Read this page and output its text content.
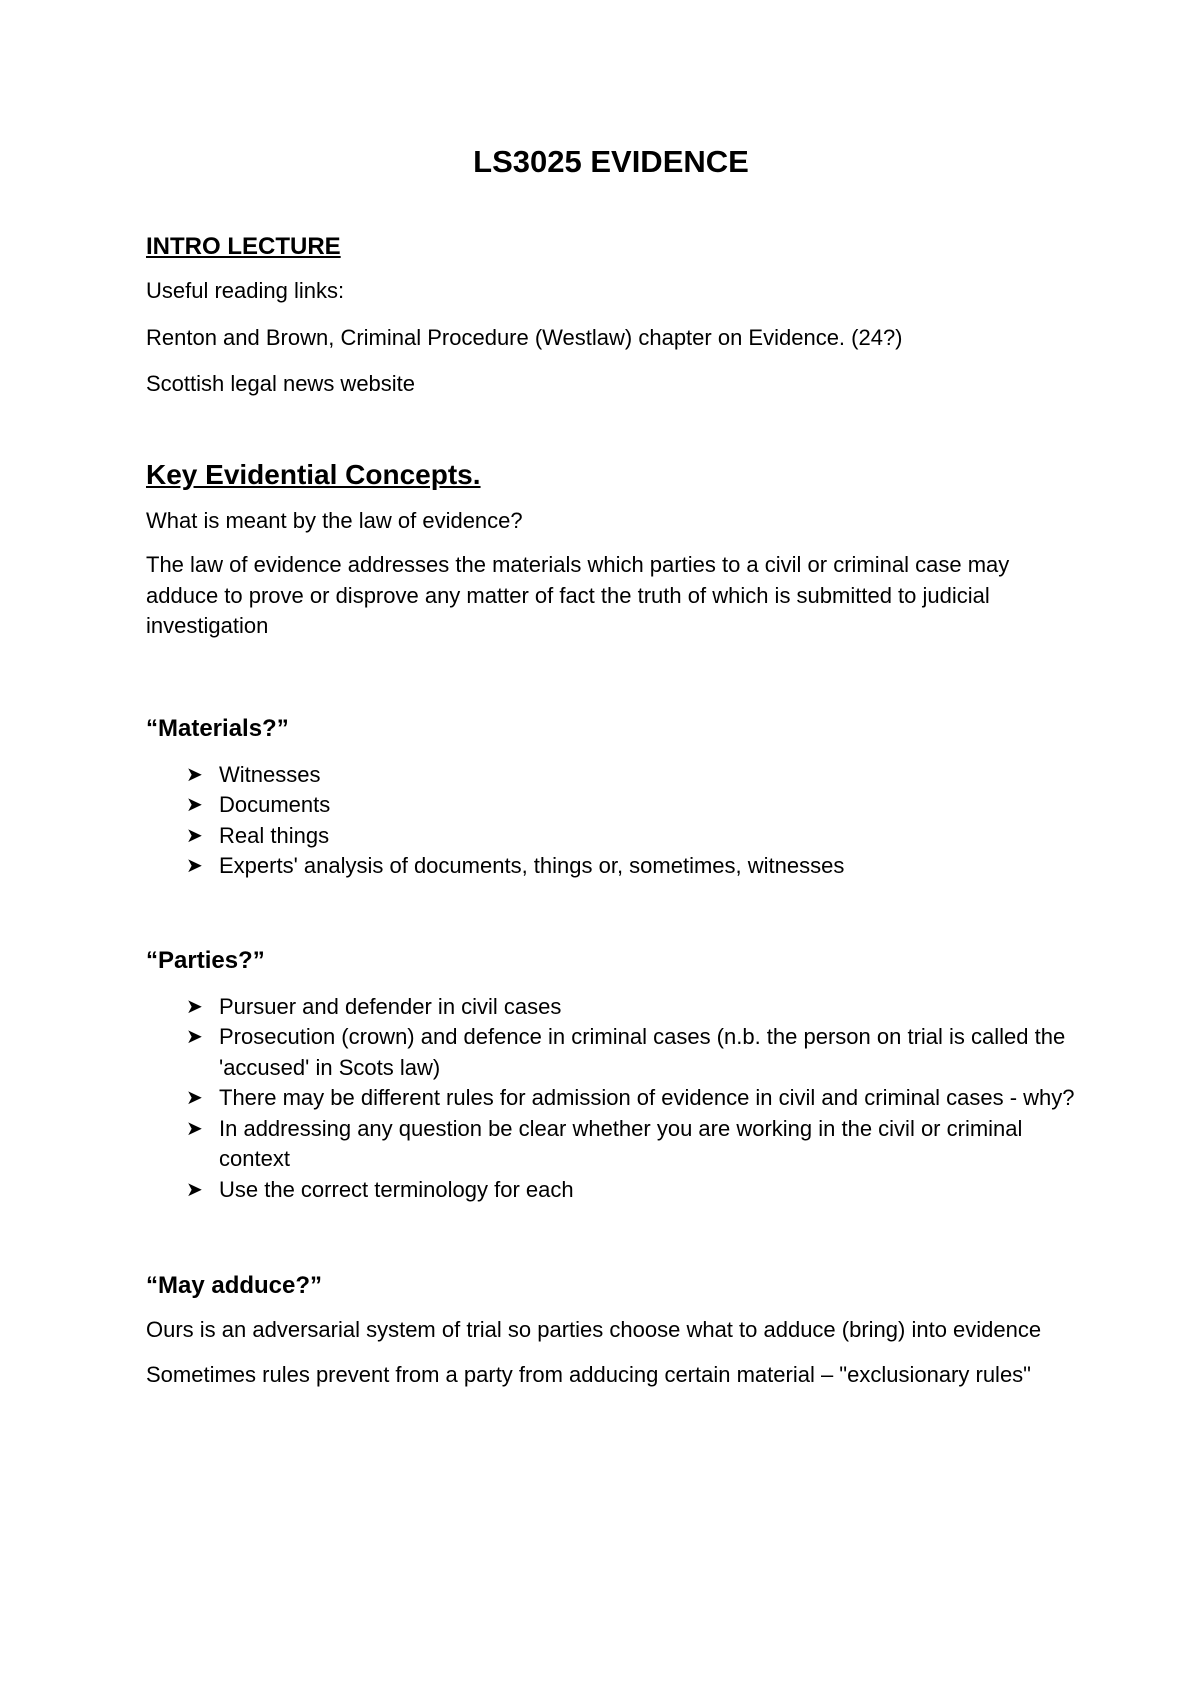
LS3025 EVIDENCE
INTRO LECTURE

Useful reading links:

Renton and Brown, Criminal Procedure (Westlaw) chapter on Evidence. (24?)

Scottish legal news website

Key Evidential Concepts.

What is meant by the law of evidence?

The law of evidence addresses the materials which parties to a civil or criminal case may adduce to prove or disprove any matter of fact the truth of which is submitted to judicial investigation

“Materials?”
➤ Witnesses
➤ Documents
➤ Real things
➤ Experts' analysis of documents, things or, sometimes, witnesses
“Parties?”
➤ Pursuer and defender in civil cases
➤ Prosecution (crown) and defence in criminal cases (n.b. the person on trial is called the 'accused' in Scots law)
➤ There may be different rules for admission of evidence in civil and criminal cases - why?
➤ In addressing any question be clear whether you are working in the civil or criminal context
➤ Use the correct terminology for each
“May adduce?”

Ours is an adversarial system of trial so parties choose what to adduce (bring) into evidence

Sometimes rules prevent from a party from adducing certain material – "exclusionary rules"
